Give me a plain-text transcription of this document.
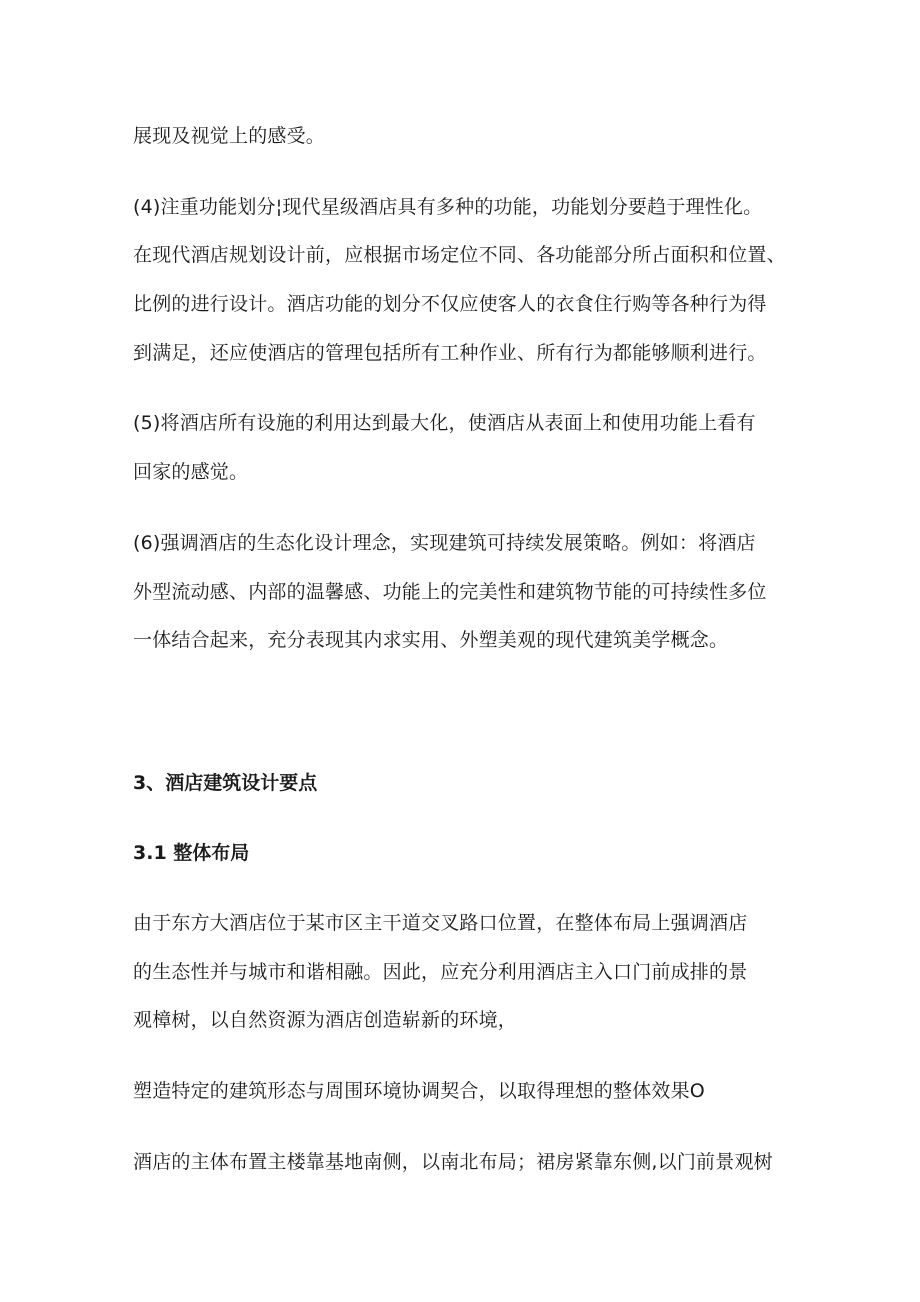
展现及视觉上的感受。
(4)注重功能划分¦现代星级酒店具有多种的功能，功能划分要趋于理性化。
在现代酒店规划设计前，应根据市场定位不同、各功能部分所占面积和位置、
比例的进行设计。酒店功能的划分不仅应使客人的衣食住行购等各种行为得
到满足，还应使酒店的管理包括所有工种作业、所有行为都能够顺利进行。
(5)将酒店所有设施的利用达到最大化，使酒店从表面上和使用功能上看有
回家的感觉。
(6)强调酒店的生态化设计理念，实现建筑可持续发展策略。例如：将酒店
外型流动感、内部的温馨感、功能上的完美性和建筑物节能的可持续性多位
一体结合起来，充分表现其内求实用、外塑美观的现代建筑美学概念。
3、酒店建筑设计要点
3.1 整体布局
由于东方大酒店位于某市区主干道交叉路口位置，在整体布局上强调酒店
的生态性并与城市和谐相融。因此，应充分利用酒店主入口门前成排的景
观樟树，以自然资源为酒店创造崭新的环境，
塑造特定的建筑形态与周围环境协调契合，以取得理想的整体效果O
酒店的主体布置主楼靠基地南侧，以南北布局；裙房紧靠东侧,以门前景观树
